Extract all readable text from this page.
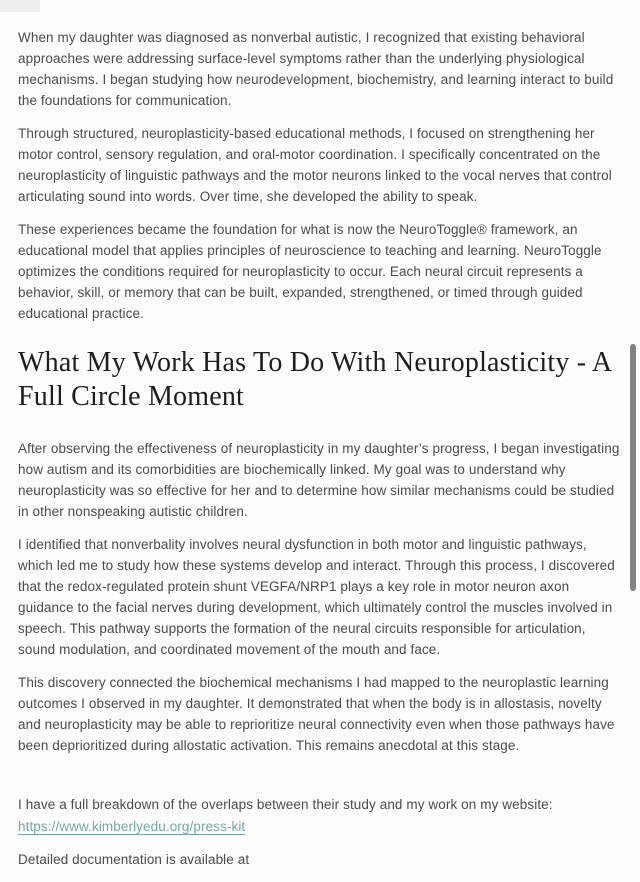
When my daughter was diagnosed as nonverbal autistic, I recognized that existing behavioral approaches were addressing surface-level symptoms rather than the underlying physiological mechanisms. I began studying how neurodevelopment, biochemistry, and learning interact to build the foundations for communication.

Through structured, neuroplasticity-based educational methods, I focused on strengthening her motor control, sensory regulation, and oral-motor coordination. I specifically concentrated on the neuroplasticity of linguistic pathways and the motor neurons linked to the vocal nerves that control articulating sound into words. Over time, she developed the ability to speak.

These experiences became the foundation for what is now the NeuroToggle® framework, an educational model that applies principles of neuroscience to teaching and learning. NeuroToggle optimizes the conditions required for neuroplasticity to occur. Each neural circuit represents a behavior, skill, or memory that can be built, expanded, strengthened, or timed through guided educational practice.

What My Work Has To Do With Neuroplasticity - A Full Circle Moment

After observing the effectiveness of neuroplasticity in my daughter’s progress, I began investigating how autism and its comorbidities are biochemically linked. My goal was to understand why neuroplasticity was so effective for her and to determine how similar mechanisms could be studied in other nonspeaking autistic children.

I identified that nonverbality involves neural dysfunction in both motor and linguistic pathways, which led me to study how these systems develop and interact. Through this process, I discovered that the redox-regulated protein shunt VEGFA/NRP1 plays a key role in motor neuron axon guidance to the facial nerves during development, which ultimately control the muscles involved in speech. This pathway supports the formation of the neural circuits responsible for articulation, sound modulation, and coordinated movement of the mouth and face.

This discovery connected the biochemical mechanisms I had mapped to the neuroplastic learning outcomes I observed in my daughter. It demonstrated that when the body is in allostasis, novelty and neuroplasticity may be able to reprioritize neural connectivity even when those pathways have been deprioritized during allostatic activation. This remains anecdotal at this stage.

I have a full breakdown of the overlaps between their study and my work on my website:

https://www.kimberlyedu.org/press-kit

Detailed documentation is available at
